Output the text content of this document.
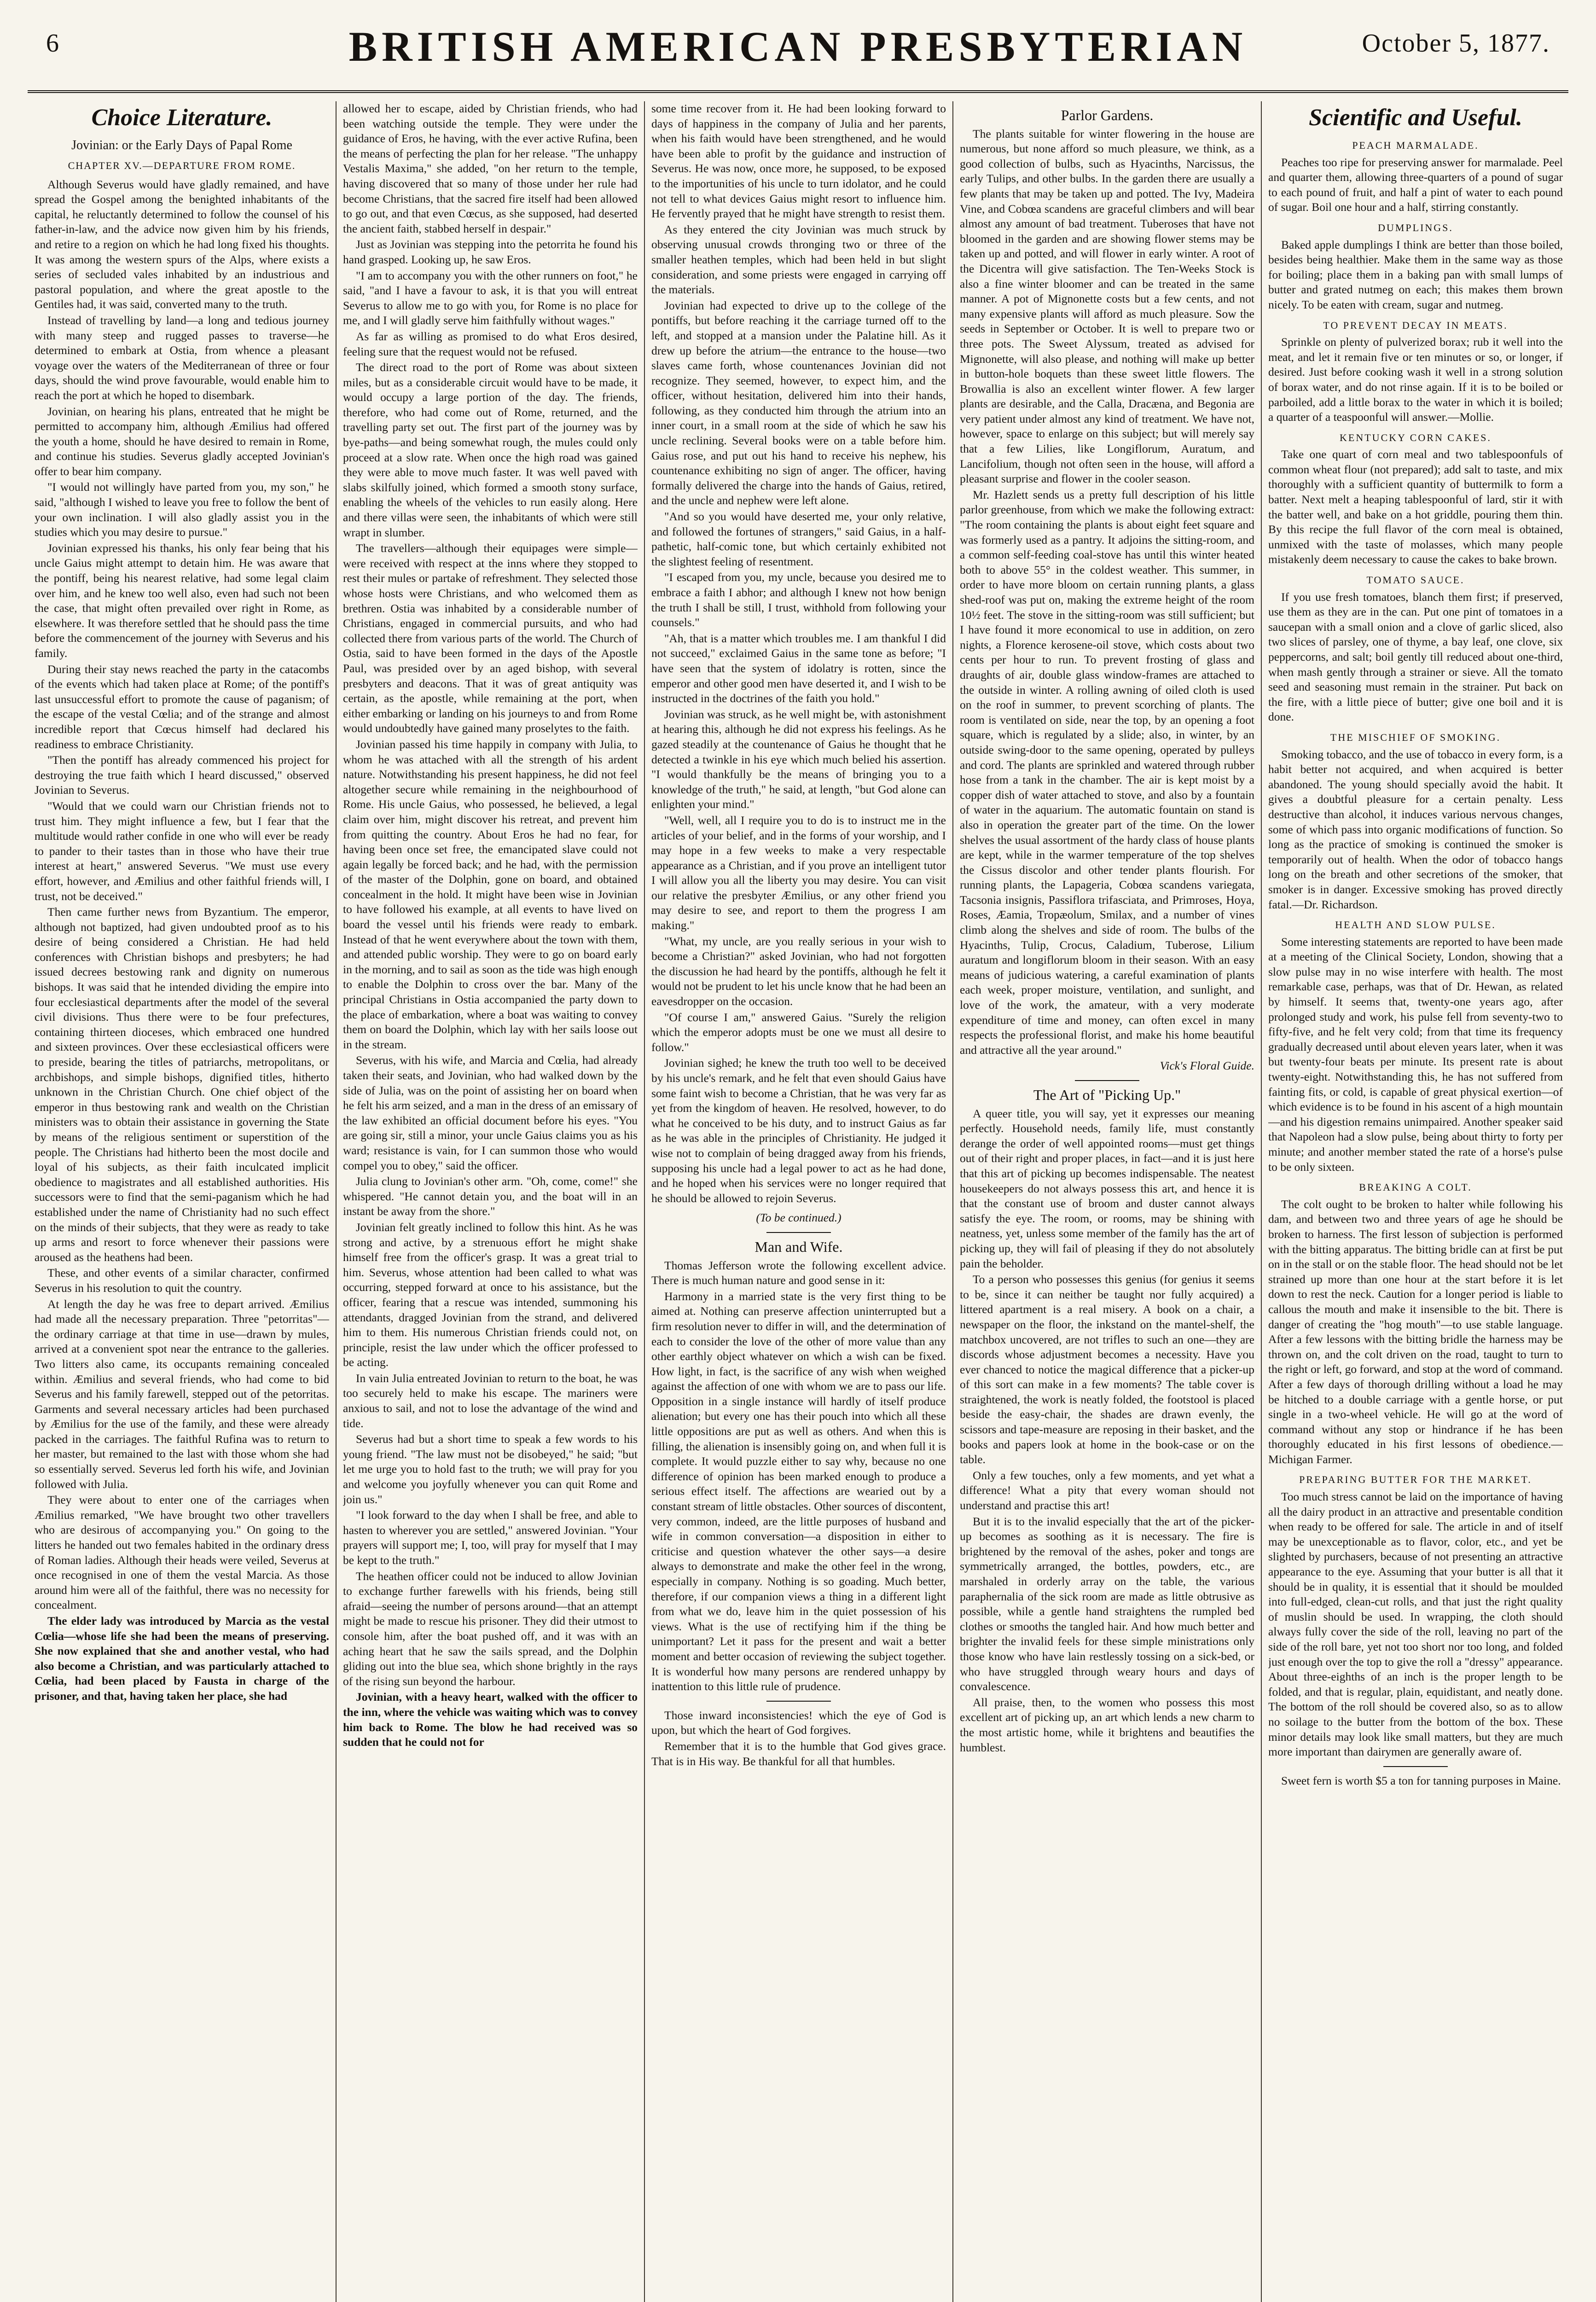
6	BRITISH AMERICAN PRESBYTERIAN	October 5, 1877.
Choice Literature.
Jovinian: or the Early Days of Papal Rome
CHAPTER XV.—DEPARTURE FROM ROME.

Although Severus would have gladly remained, and have spread the Gospel among the benighted inhabitants of the capital, he reluctantly determined to follow the counsel of his father-in-law, and the advice now given him by his friends, and retire to a region on which he had long fixed his thoughts. It was among the western spurs of the Alps, where exists a series of secluded vales inhabited by an industrious and pastoral population, and where the great apostle to the Gentiles had, it was said, converted many to the truth.

Instead of travelling by land—a long and tedious journey with many steep and rugged passes to traverse—he determined to embark at Ostia, from whence a pleasant voyage over the waters of the Mediterranean of three or four days, should the wind prove favourable, would enable him to reach the port at which he hoped to disembark.

Jovinian, on hearing his plans, entreated that he might be permitted to accompany him, although Æmilius had offered the youth a home, should he have desired to remain in Rome, and continue his studies. Severus gladly accepted Jovinian's offer to bear him company.

"I would not willingly have parted from you, my son," he said, "although I wished to leave you free to follow the bent of your own inclination. I will also gladly assist you in the studies which you may desire to pursue."

Jovinian expressed his thanks, his only fear being that his uncle Gaius might attempt to detain him. He was aware that the pontiff, being his nearest relative, had some legal claim over him, and he knew too well also, even had such not been the case, that might often prevailed over right in Rome, as elsewhere. It was therefore settled that he should pass the time before the commencement of the journey with Severus and his family.

During their stay news reached the party in the catacombs of the events which had taken place at Rome; of the pontiff's last unsuccessful effort to promote the cause of paganism; of the escape of the vestal Cœlia; and of the strange and almost incredible report that Cœcus himself had declared his readiness to embrace Christianity.

"Then the pontiff has already commenced his project for destroying the true faith which I heard discussed," observed Jovinian to Severus.

"Would that we could warn our Christian friends not to trust him. They might influence a few, but I fear that the multitude would rather confide in one who will ever be ready to pander to their tastes than in those who have their true interest at heart," answered Severus. "We must use every effort, however, and Æmilius and other faithful friends will, I trust, not be deceived."

Then came further news from Byzantium. The emperor, although not baptized, had given undoubted proof as to his desire of being considered a Christian. He had held conferences with Christian bishops and presbyters; he had issued decrees bestowing rank and dignity on numerous bishops. It was said that he intended dividing the empire into four ecclesiastical departments after the model of the several civil divisions. Thus there were to be four prefectures, containing thirteen dioceses, which embraced one hundred and sixteen provinces. Over these ecclesiastical officers were to preside, bearing the titles of patriarchs, metropolitans, or archbishops, and simple bishops, dignified titles, hitherto unknown in the Christian Church. One chief object of the emperor in thus bestowing rank and wealth on the Christian ministers was to obtain their assistance in governing the State by means of the religious sentiment or superstition of the people. The Christians had hitherto been the most docile and loyal of his subjects, as their faith inculcated implicit obedience to magistrates and all established authorities. His successors were to find that the semi-paganism which he had established under the name of Christianity had no such effect on the minds of their subjects, that they were as ready to take up arms and resort to force whenever their passions were aroused as the heathens had been.

These, and other events of a similar character, confirmed Severus in his resolution to quit the country.

At length the day he was free to depart arrived. Æmilius had made all the necessary preparation. Three "petorritas"—the ordinary carriage at that time in use—drawn by mules, arrived at a convenient spot near the entrance to the galleries. Two litters also came, its occupants remaining concealed within. Æmilius and several friends, who had come to bid Severus and his family farewell, stepped out of the petorritas. Garments and several necessary articles had been purchased by Æmilius for the use of the family, and these were already packed in the carriages. The faithful Rufina was to return to her master, but remained to the last with those whom she had so essentially served. Severus led forth his wife, and Jovinian followed with Julia.

They were about to enter one of the carriages when Æmilius remarked, "We have brought two other travellers who are desirous of accompanying you." On going to the litters he handed out two females habited in the ordinary dress of Roman ladies. Although their heads were veiled, Severus at once recognised in one of them the vestal Marcia. As those around him were all of the faithful, there was no necessity for concealment.

The elder lady was introduced by Marcia as the vestal Cœlia—whose life she had been the means of preserving. She now explained that she and another vestal, who had also become a Christian, and was particularly attached to Cœlia, had been placed by Fausta in charge of the prisoner, and that, having taken her place, she had

allowed her to escape, aided by Christian friends, who had been watching outside the temple. They were under the guidance of Eros, he having, with the ever active Rufina, been the means of perfecting the plan for her release. "The unhappy Vestalis Maxima," she added, "on her return to the temple, having discovered that so many of those under her rule had become Christians, that the sacred fire itself had been allowed to go out, and that even Cœcus, as she supposed, had deserted the ancient faith, stabbed herself in despair."

Just as Jovinian was stepping into the petorrita he found his hand grasped. Looking up, he saw Eros.

"I am to accompany you with the other runners on foot," he said, "and I have a favour to ask, it is that you will entreat Severus to allow me to go with you, for Rome is no place for me, and I will gladly serve him faithfully without wages."

As far as willing as promised to do what Eros desired, feeling sure that the request would not be refused.

The direct road to the port of Rome was about sixteen miles, but as a considerable circuit would have to be made, it would occupy a large portion of the day. The friends, therefore, who had come out of Rome, returned, and the travelling party set out. The first part of the journey was by bye-paths—and being somewhat rough, the mules could only proceed at a slow rate. When once the high road was gained they were able to move much faster. It was well paved with slabs skilfully joined, which formed a smooth stony surface, enabling the wheels of the vehicles to run easily along. Here and there villas were seen, the inhabitants of which were still wrapt in slumber.

The travellers—although their equipages were simple—were received with respect at the inns where they stopped to rest their mules or partake of refreshment. They selected those whose hosts were Christians, and who welcomed them as brethren. Ostia was inhabited by a considerable number of Christians, engaged in commercial pursuits, and who had collected there from various parts of the world. The Church of Ostia, said to have been formed in the days of the Apostle Paul, was presided over by an aged bishop, with several presbyters and deacons. That it was of great antiquity was certain, as the apostle, while remaining at the port, when either embarking or landing on his journeys to and from Rome would undoubtedly have gained many proselytes to the faith.

Jovinian passed his time happily in company with Julia, to whom he was attached with all the strength of his ardent nature. Notwithstanding his present happiness, he did not feel altogether secure while remaining in the neighbourhood of Rome. His uncle Gaius, who possessed, he believed, a legal claim over him, might discover his retreat, and prevent him from quitting the country. About Eros he had no fear, for having been once set free, the emancipated slave could not again legally be forced back; and he had, with the permission of the master of the Dolphin, gone on board, and obtained concealment in the hold. It might have been wise in Jovinian to have followed his example, at all events to have lived on board the vessel until his friends were ready to embark. Instead of that he went everywhere about the town with them, and attended public worship. They were to go on board early in the morning, and to sail as soon as the tide was high enough to enable the Dolphin to cross over the bar. Many of the principal Christians in Ostia accompanied the party down to the place of embarkation, where a boat was waiting to convey them on board the Dolphin, which lay with her sails loose out in the stream.

Severus, with his wife, and Marcia and Cœlia, had already taken their seats, and Jovinian, who had walked down by the side of Julia, was on the point of assisting her on board when he felt his arm seized, and a man in the dress of an emissary of the law exhibited an official document before his eyes. "You are going sir, still a minor, your uncle Gaius claims you as his ward; resistance is vain, for I can summon those who would compel you to obey," said the officer.

Julia clung to Jovinian's other arm. "Oh, come, come!" she whispered. "He cannot detain you, and the boat will in an instant be away from the shore."

Jovinian felt greatly inclined to follow this hint. As he was strong and active, by a strenuous effort he might shake himself free from the officer's grasp. It was a great trial to him. Severus, whose attention had been called to what was occurring, stepped forward at once to his assistance, but the officer, fearing that a rescue was intended, summoning his attendants, dragged Jovinian from the strand, and delivered him to them. His numerous Christian friends could not, on principle, resist the law under which the officer professed to be acting.

In vain Julia entreated Jovinian to return to the boat, he was too securely held to make his escape. The mariners were anxious to sail, and not to lose the advantage of the wind and tide.

Severus had but a short time to speak a few words to his young friend. "The law must not be disobeyed," he said; "but let me urge you to hold fast to the truth; we will pray for you and welcome you joyfully whenever you can quit Rome and join us."

"I look forward to the day when I shall be free, and able to hasten to wherever you are settled," answered Jovinian. "Your prayers will support me; I, too, will pray for myself that I may be kept to the truth."

The heathen officer could not be induced to allow Jovinian to exchange further farewells with his friends, being still afraid—seeing the number of persons around—that an attempt might be made to rescue his prisoner. They did their utmost to console him, after the boat pushed off, and it was with an aching heart that he saw the sails spread, and the Dolphin gliding out into the blue sea, which shone brightly in the rays of the rising sun beyond the harbour.

Jovinian, with a heavy heart, walked with the officer to the inn, where the vehicle was waiting which was to convey him back to Rome. The blow he had received was so sudden that he could not for

some time recover from it. He had been looking forward to days of happiness in the company of Julia and her parents, when his faith would have been strengthened, and he would have been able to profit by the guidance and instruction of Severus. He was now, once more, he supposed, to be exposed to the importunities of his uncle to turn idolator, and he could not tell to what devices Gaius might resort to influence him. He fervently prayed that he might have strength to resist them.

As they entered the city Jovinian was much struck by observing unusual crowds thronging two or three of the smaller heathen temples, which had been held in but slight consideration, and some priests were engaged in carrying off the materials.

Jovinian had expected to drive up to the college of the pontiffs, but before reaching it the carriage turned off to the left, and stopped at a mansion under the Palatine hill. As it drew up before the atrium—the entrance to the house—two slaves came forth, whose countenances Jovinian did not recognize. They seemed, however, to expect him, and the officer, without hesitation, delivered him into their hands, following, as they conducted him through the atrium into an inner court, in a small room at the side of which he saw his uncle reclining. Several books were on a table before him. Gaius rose, and put out his hand to receive his nephew, his countenance exhibiting no sign of anger. The officer, having formally delivered the charge into the hands of Gaius, retired, and the uncle and nephew were left alone.

"And so you would have deserted me, your only relative, and followed the fortunes of strangers," said Gaius, in a half-pathetic, half-comic tone, but which certainly exhibited not the slightest feeling of resentment.

"I escaped from you, my uncle, because you desired me to embrace a faith I abhor; and although I knew not how benign the truth I shall be still, I trust, withhold from following your counsels."

"Ah, that is a matter which troubles me. I am thankful I did not succeed," exclaimed Gaius in the same tone as before; "I have seen that the system of idolatry is rotten, since the emperor and other good men have deserted it, and I wish to be instructed in the doctrines of the faith you hold."

Jovinian was struck, as he well might be, with astonishment at hearing this, although he did not express his feelings. As he gazed steadily at the countenance of Gaius he thought that he detected a twinkle in his eye which much belied his assertion. "I would thankfully be the means of bringing you to a knowledge of the truth," he said, at length, "but God alone can enlighten your mind."

"Well, well, all I require you to do is to instruct me in the articles of your belief, and in the forms of your worship, and I may hope in a few weeks to make a very respectable appearance as a Christian, and if you prove an intelligent tutor I will allow you all the liberty you may desire. You can visit our relative the presbyter Æmilius, or any other friend you may desire to see, and report to them the progress I am making."

"What, my uncle, are you really serious in your wish to become a Christian?" asked Jovinian, who had not forgotten the discussion he had heard by the pontiffs, although he felt it would not be prudent to let his uncle know that he had been an eavesdropper on the occasion.

"Of course I am," answered Gaius. "Surely the religion which the emperor adopts must be one we must all desire to follow."

Jovinian sighed; he knew the truth too well to be deceived by his uncle's remark, and he felt that even should Gaius have some faint wish to become a Christian, that he was very far as yet from the kingdom of heaven. He resolved, however, to do what he conceived to be his duty, and to instruct Gaius as far as he was able in the principles of Christianity. He judged it wise not to complain of being dragged away from his friends, supposing his uncle had a legal power to act as he had done, and he hoped when his services were no longer required that he should be allowed to rejoin Severus.

(To be continued.)
Man and Wife.

Thomas Jefferson wrote the following excellent advice. There is much human nature and good sense in it:

Harmony in a married state is the very first thing to be aimed at. Nothing can preserve affection uninterrupted but a firm resolution never to differ in will, and the determination of each to consider the love of the other of more value than any other earthly object whatever on which a wish can be fixed. How light, in fact, is the sacrifice of any wish when weighed against the affection of one with whom we are to pass our life. Opposition in a single instance will hardly of itself produce alienation; but every one has their pouch into which all these little oppositions are put as well as others. And when this is filling, the alienation is insensibly going on, and when full it is complete. It would puzzle either to say why, because no one difference of opinion has been marked enough to produce a serious effect itself. The affections are wearied out by a constant stream of little obstacles. Other sources of discontent, very common, indeed, are the little purposes of husband and wife in common conversation—a disposition in either to criticise and question whatever the other says—a desire always to demonstrate and make the other feel in the wrong, especially in company. Nothing is so goading. Much better, therefore, if our companion views a thing in a different light from what we do, leave him in the quiet possession of his views. What is the use of rectifying him if the thing be unimportant? Let it pass for the present and wait a better moment and better occasion of reviewing the subject together. It is wonderful how many persons are rendered unhappy by inattention to this little rule of prudence.

Those inward inconsistencies! which the eye of God is upon, but which the heart of God forgives.

Remember that it is to the humble that God gives grace. That is in His way. Be thankful for all that humbles.

Parlor Gardens.

The plants suitable for winter flowering in the house are numerous, but none afford so much pleasure, we think, as a good collection of bulbs, such as Hyacinths, Narcissus, the early Tulips, and other bulbs. In the garden there are usually a few plants that may be taken up and potted. The Ivy, Madeira Vine, and Cobœa scandens are graceful climbers and will bear almost any amount of bad treatment. Tuberoses that have not bloomed in the garden and are showing flower stems may be taken up and potted, and will flower in early winter. A root of the Dicentra will give satisfaction. The Ten-Weeks Stock is also a fine winter bloomer and can be treated in the same manner. A pot of Mignonette costs but a few cents, and not many expensive plants will afford as much pleasure. Sow the seeds in September or October. It is well to prepare two or three pots. The Sweet Alyssum, treated as advised for Mignonette, will also please, and nothing will make up better in button-hole boquets than these sweet little flowers. The Browallia is also an excellent winter flower. A few larger plants are desirable, and the Calla, Dracæna, and Begonia are very patient under almost any kind of treatment. We have not, however, space to enlarge on this subject; but will merely say that a few Lilies, like Longiflorum, Auratum, and Lancifolium, though not often seen in the house, will afford a pleasant surprise and flower in the cooler season.

Mr. Hazlett sends us a pretty full description of his little parlor greenhouse, from which we make the following extract: "The room containing the plants is about eight feet square and was formerly used as a pantry. It adjoins the sitting-room, and a common self-feeding coal-stove has until this winter heated both to above 55° in the coldest weather. This summer, in order to have more bloom on certain running plants, a glass shed-roof was put on, making the extreme height of the room 10½ feet. The stove in the sitting-room was still sufficient; but I have found it more economical to use in addition, on zero nights, a Florence kerosene-oil stove, which costs about two cents per hour to run. To prevent frosting of glass and draughts of air, double glass window-frames are attached to the outside in winter. A rolling awning of oiled cloth is used on the roof in summer, to prevent scorching of plants. The room is ventilated on side, near the top, by an opening a foot square, which is regulated by a slide; also, in winter, by an outside swing-door to the same opening, operated by pulleys and cord. The plants are sprinkled and watered through rubber hose from a tank in the chamber. The air is kept moist by a copper dish of water attached to stove, and also by a fountain of water in the aquarium. The automatic fountain on stand is also in operation the greater part of the time. On the lower shelves the usual assortment of the hardy class of house plants are kept, while in the warmer temperature of the top shelves the Cissus discolor and other tender plants flourish. For running plants, the Lapageria, Cobœa scandens variegata, Tacsonia insignis, Passiflora trifasciata, and Primroses, Hoya, Roses, Æamia, Tropæolum, Smilax, and a number of vines climb along the shelves and side of room. The bulbs of the Hyacinths, Tulip, Crocus, Caladium, Tuberose, Lilium auratum and longiflorum bloom in their season. With an easy means of judicious watering, a careful examination of plants each week, proper moisture, ventilation, and sunlight, and love of the work, the amateur, with a very moderate expenditure of time and money, can often excel in many respects the professional florist, and make his home beautiful and attractive all the year around."

Vick's Floral Guide.
The Art of "Picking Up."

A queer title, you will say, yet it expresses our meaning perfectly. Household needs, family life, must constantly derange the order of well appointed rooms—must get things out of their right and proper places, in fact—and it is just here that this art of picking up becomes indispensable. The neatest housekeepers do not always possess this art, and hence it is that the constant use of broom and duster cannot always satisfy the eye. The room, or rooms, may be shining with neatness, yet, unless some member of the family has the art of picking up, they will fail of pleasing if they do not absolutely pain the beholder.

To a person who possesses this genius (for genius it seems to be, since it can neither be taught nor fully acquired) a littered apartment is a real misery. A book on a chair, a newspaper on the floor, the inkstand on the mantel-shelf, the matchbox uncovered, are not trifles to such an one—they are discords whose adjustment becomes a necessity. Have you ever chanced to notice the magical difference that a picker-up of this sort can make in a few moments? The table cover is straightened, the work is neatly folded, the footstool is placed beside the easy-chair, the shades are drawn evenly, the scissors and tape-measure are reposing in their basket, and the books and papers look at home in the book-case or on the table.

Only a few touches, only a few moments, and yet what a difference! What a pity that every woman should not understand and practise this art!

But it is to the invalid especially that the art of the picker-up becomes as soothing as it is necessary. The fire is brightened by the removal of the ashes, poker and tongs are symmetrically arranged, the bottles, powders, etc., are marshaled in orderly array on the table, the various paraphernalia of the sick room are made as little obtrusive as possible, while a gentle hand straightens the rumpled bed clothes or smooths the tangled hair. And how much better and brighter the invalid feels for these simple ministrations only those know who have lain restlessly tossing on a sick-bed, or who have struggled through weary hours and days of convalescence.

All praise, then, to the women who possess this most excellent art of picking up, an art which lends a new charm to the most artistic home, while it brightens and beautifies the humblest.

Scientific and Useful.
PEACH MARMALADE.

Peaches too ripe for preserving answer for marmalade. Peel and quarter them, allowing three-quarters of a pound of sugar to each pound of fruit, and half a pint of water to each pound of sugar. Boil one hour and a half, stirring constantly.

DUMPLINGS.

Baked apple dumplings I think are better than those boiled, besides being healthier. Make them in the same way as those for boiling; place them in a baking pan with small lumps of butter and grated nutmeg on each; this makes them brown nicely. To be eaten with cream, sugar and nutmeg.

TO PREVENT DECAY IN MEATS.

Sprinkle on plenty of pulverized borax; rub it well into the meat, and let it remain five or ten minutes or so, or longer, if desired. Just before cooking wash it well in a strong solution of borax water, and do not rinse again. If it is to be boiled or parboiled, add a little borax to the water in which it is boiled; a quarter of a teaspoonful will answer.—Mollie.

KENTUCKY CORN CAKES.

Take one quart of corn meal and two tablespoonfuls of common wheat flour (not prepared); add salt to taste, and mix thoroughly with a sufficient quantity of buttermilk to form a batter. Next melt a heaping tablespoonful of lard, stir it with the batter well, and bake on a hot griddle, pouring them thin. By this recipe the full flavor of the corn meal is obtained, unmixed with the taste of molasses, which many people mistakenly deem necessary to cause the cakes to bake brown.

TOMATO SAUCE.

If you use fresh tomatoes, blanch them first; if preserved, use them as they are in the can. Put one pint of tomatoes in a saucepan with a small onion and a clove of garlic sliced, also two slices of parsley, one of thyme, a bay leaf, one clove, six peppercorns, and salt; boil gently till reduced about one-third, when mash gently through a strainer or sieve. All the tomato seed and seasoning must remain in the strainer. Put back on the fire, with a little piece of butter; give one boil and it is done.

THE MISCHIEF OF SMOKING.

Smoking tobacco, and the use of tobacco in every form, is a habit better not acquired, and when acquired is better abandoned. The young should specially avoid the habit. It gives a doubtful pleasure for a certain penalty. Less destructive than alcohol, it induces various nervous changes, some of which pass into organic modifications of function. So long as the practice of smoking is continued the smoker is temporarily out of health. When the odor of tobacco hangs long on the breath and other secretions of the smoker, that smoker is in danger. Excessive smoking has proved directly fatal.—Dr. Richardson.

HEALTH AND SLOW PULSE.

Some interesting statements are reported to have been made at a meeting of the Clinical Society, London, showing that a slow pulse may in no wise interfere with health. The most remarkable case, perhaps, was that of Dr. Hewan, as related by himself. It seems that, twenty-one years ago, after prolonged study and work, his pulse fell from seventy-two to fifty-five, and he felt very cold; from that time its frequency gradually decreased until about eleven years later, when it was but twenty-four beats per minute. Its present rate is about twenty-eight. Notwithstanding this, he has not suffered from fainting fits, or cold, is capable of great physical exertion—of which evidence is to be found in his ascent of a high mountain—and his digestion remains unimpaired. Another speaker said that Napoleon had a slow pulse, being about thirty to forty per minute; and another member stated the rate of a horse's pulse to be only sixteen.

BREAKING A COLT.

The colt ought to be broken to halter while following his dam, and between two and three years of age he should be broken to harness. The first lesson of subjection is performed with the bitting apparatus. The bitting bridle can at first be put on in the stall or on the stable floor. The head should not be let strained up more than one hour at the start before it is let down to rest the neck. Caution for a longer period is liable to callous the mouth and make it insensible to the bit. There is danger of creating the "hog mouth"—to use stable language. After a few lessons with the bitting bridle the harness may be thrown on, and the colt driven on the road, taught to turn to the right or left, go forward, and stop at the word of command. After a few days of thorough drilling without a load he may be hitched to a double carriage with a gentle horse, or put single in a two-wheel vehicle. He will go at the word of command without any stop or hindrance if he has been thoroughly educated in his first lessons of obedience.—Michigan Farmer.

PREPARING BUTTER FOR THE MARKET.

Too much stress cannot be laid on the importance of having all the dairy product in an attractive and presentable condition when ready to be offered for sale. The article in and of itself may be unexceptionable as to flavor, color, etc., and yet be slighted by purchasers, because of not presenting an attractive appearance to the eye. Assuming that your butter is all that it should be in quality, it is essential that it should be moulded into full-edged, clean-cut rolls, and that just the right quality of muslin should be used. In wrapping, the cloth should always fully cover the side of the roll, leaving no part of the side of the roll bare, yet not too short nor too long, and folded just enough over the top to give the roll a "dressy" appearance. About three-eighths of an inch is the proper length to be folded, and that is regular, plain, equidistant, and neatly done. The bottom of the roll should be covered also, so as to allow no soilage to the butter from the bottom of the box. These minor details may look like small matters, but they are much more important than dairymen are generally aware of.

Sweet fern is worth $5 a ton for tanning purposes in Maine.
